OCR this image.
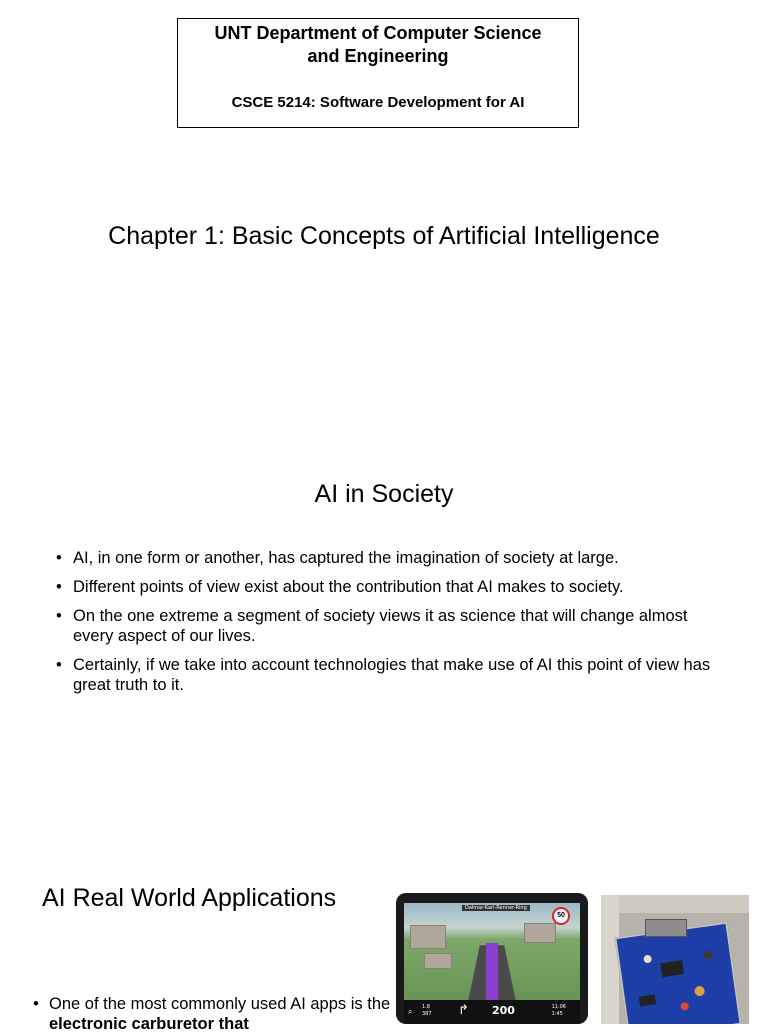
UNT Department of Computer Science
and Engineering
CSCE 5214: Software Development for AI
Chapter 1: Basic Concepts of Artificial Intelligence
AI in Society
• AI, in one form or another, has captured the imagination of society at large.
• Different points of view exist about the contribution that AI makes to society.
• On the one extreme a segment of society views it as science that will change almost every aspect of our lives.
• Certainly, if we take into account technologies that make use of AI this point of view has great truth to it.
AI Real World Applications
• One of the most commonly used AI apps is the electronic carburetor that
Dalmar-Karl-Renner-Ring
50
⌕ 1.8
387 ↱ 200	11:06
1:45
